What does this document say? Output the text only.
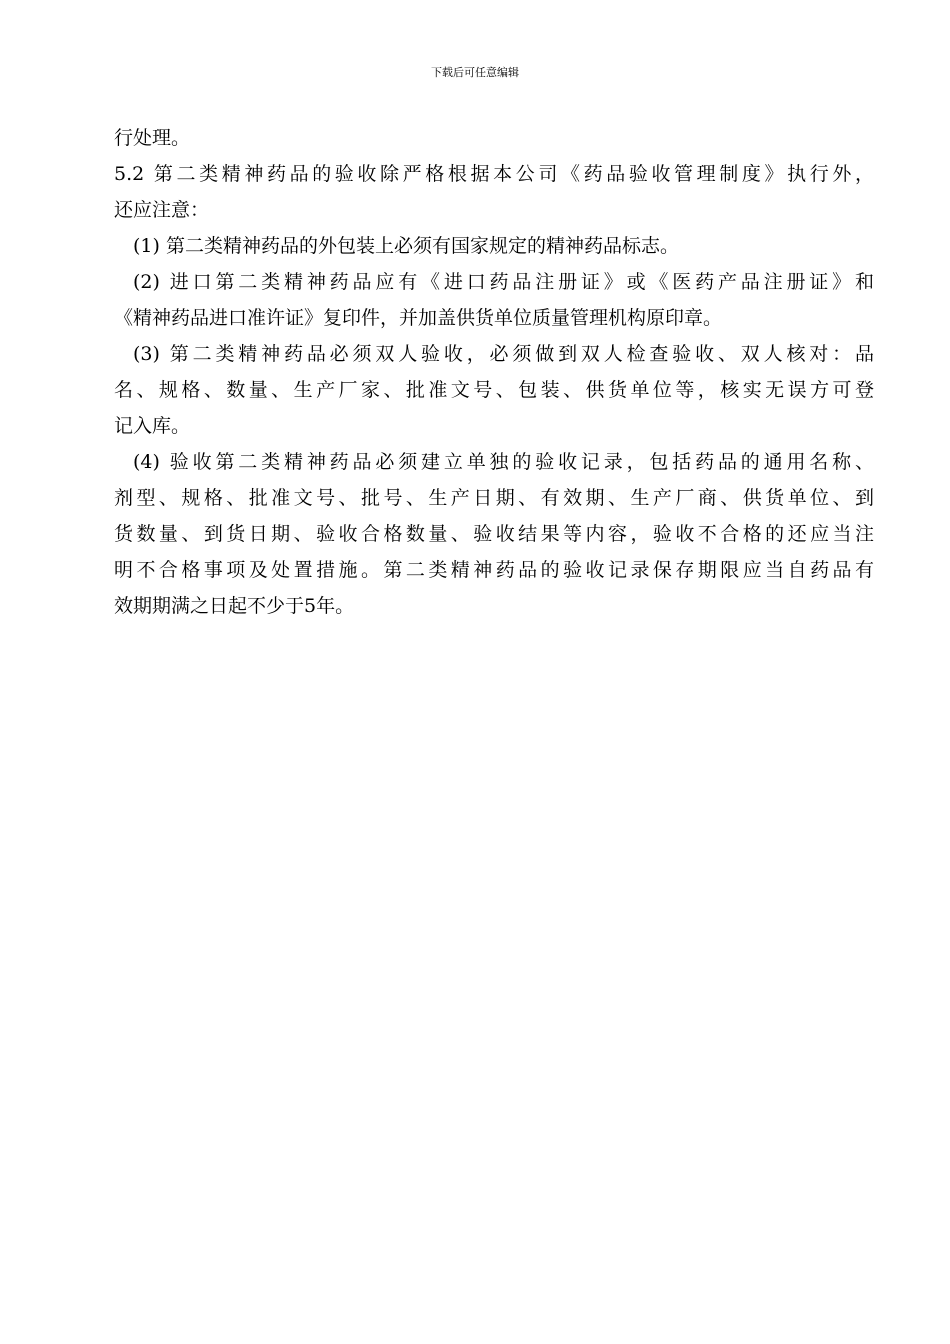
下载后可任意编辑
行处理。
5.2 第二类精神药品的验收除严格根据本公司《药品验收管理制度》执行外，
还应注意：
(1) 第二类精神药品的外包装上必须有国家规定的精神药品标志。
(2) 进口第二类精神药品应有《进口药品注册证》或《医药产品注册证》和
《精神药品进口准许证》复印件，并加盖供货单位质量管理机构原印章。
(3) 第二类精神药品必须双人验收，必须做到双人检查验收、双人核对：品
名、规格、数量、生产厂家、批准文号、包装、供货单位等，核实无误方可登
记入库。
(4) 验收第二类精神药品必须建立单独的验收记录，包括药品的通用名称、
剂型、规格、批准文号、批号、生产日期、有效期、生产厂商、供货单位、到
货数量、到货日期、验收合格数量、验收结果等内容，验收不合格的还应当注
明不合格事项及处置措施。第二类精神药品的验收记录保存期限应当自药品有
效期期满之日起不少于5年。
